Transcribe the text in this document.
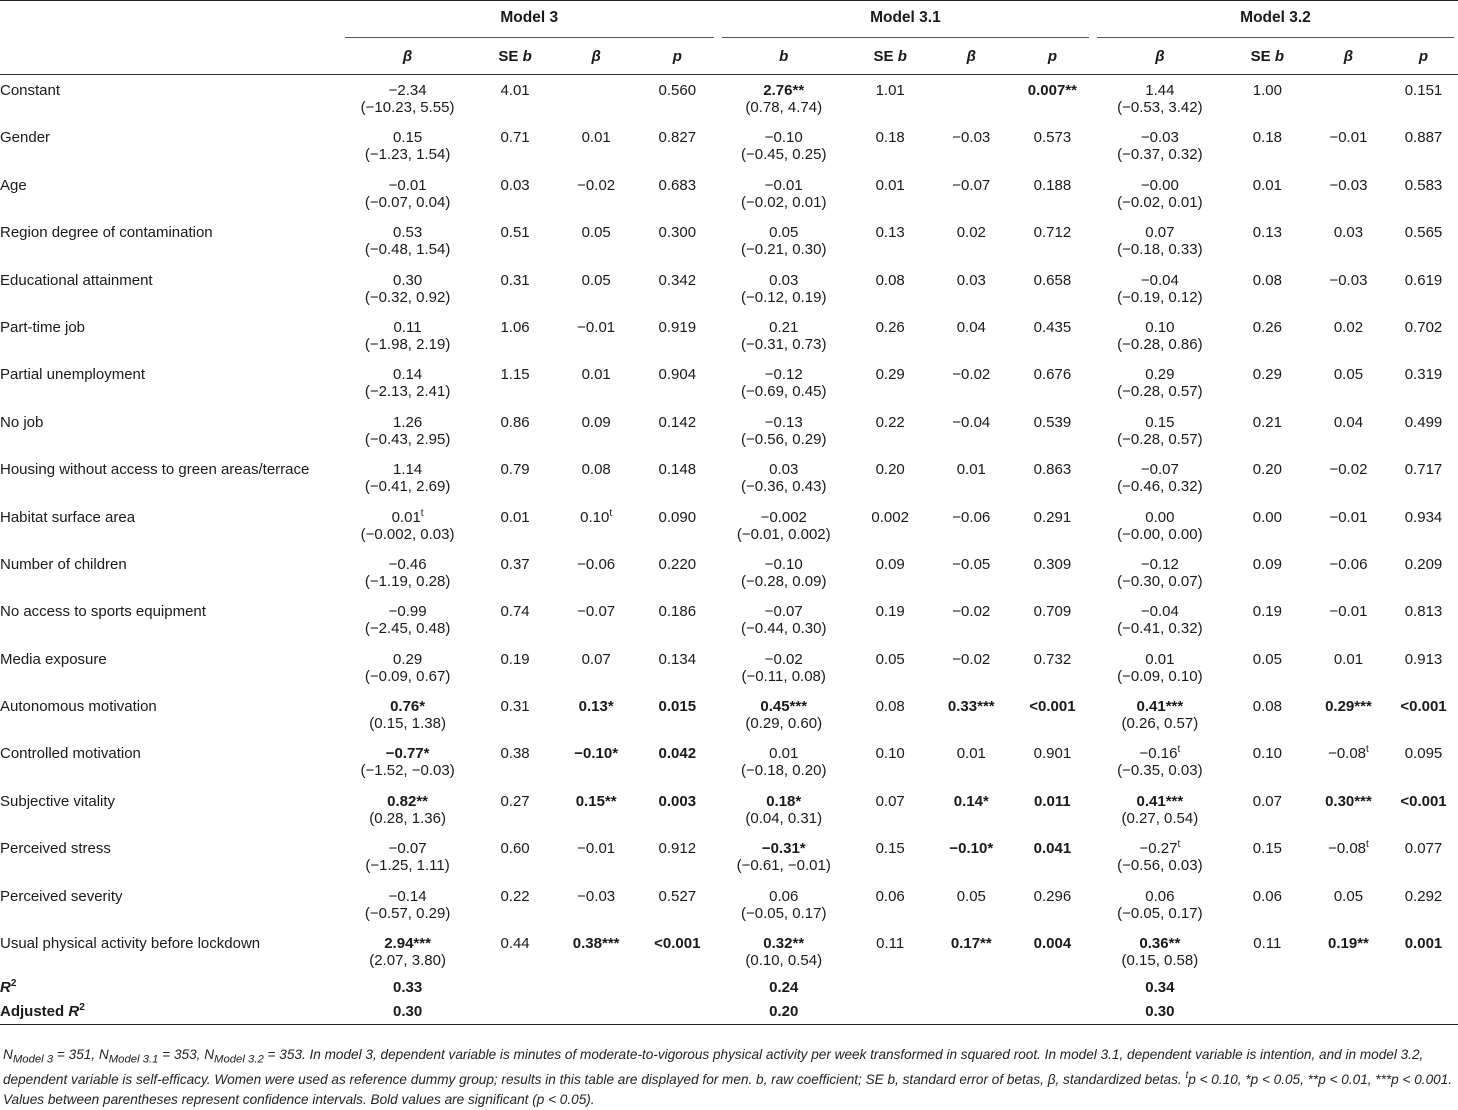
	Model 3				Model 3.1				Model 3.2			

	β	SE b	β	p	b	SE b	β	p	β	SE b	β	p
Constant	−2.34	4.01		0.560	2.76**	1.01		0.007**	1.44	1.00		0.151
	(−10.23, 5.55)				(0.78, 4.74)				(−0.53, 3.42)			
Gender	0.15	0.71	0.01	0.827	−0.10	0.18	−0.03	0.573	−0.03	0.18	−0.01	0.887
	(−1.23, 1.54)				(−0.45, 0.25)				(−0.37, 0.32)			
Age	−0.01	0.03	−0.02	0.683	−0.01	0.01	−0.07	0.188	−0.00	0.01	−0.03	0.583
	(−0.07, 0.04)				(−0.02, 0.01)				(−0.02, 0.01)			
Region degree of contamination	0.53	0.51	0.05	0.300	0.05	0.13	0.02	0.712	0.07	0.13	0.03	0.565
	(−0.48, 1.54)				(−0.21, 0.30)				(−0.18, 0.33)			
Educational attainment	0.30	0.31	0.05	0.342	0.03	0.08	0.03	0.658	−0.04	0.08	−0.03	0.619
	(−0.32, 0.92)				(−0.12, 0.19)				(−0.19, 0.12)			
Part-time job	0.11	1.06	−0.01	0.919	0.21	0.26	0.04	0.435	0.10	0.26	0.02	0.702
	(−1.98, 2.19)				(−0.31, 0.73)				(−0.28, 0.86)			
Partial unemployment	0.14	1.15	0.01	0.904	−0.12	0.29	−0.02	0.676	0.29	0.29	0.05	0.319
	(−2.13, 2.41)				(−0.69, 0.45)				(−0.28, 0.57)			
No job	1.26	0.86	0.09	0.142	−0.13	0.22	−0.04	0.539	0.15	0.21	0.04	0.499
	(−0.43, 2.95)				(−0.56, 0.29)				(−0.28, 0.57)			
Housing without access to green areas/terrace	1.14	0.79	0.08	0.148	0.03	0.20	0.01	0.863	−0.07	0.20	−0.02	0.717
	(−0.41, 2.69)				(−0.36, 0.43)				(−0.46, 0.32)			
Habitat surface area	0.01$^t$	0.01	0.10$^t$	0.090	−0.002	0.002	−0.06	0.291	0.00	0.00	−0.01	0.934
	(−0.002, 0.03)				(−0.01, 0.002)				(−0.00, 0.00)			
Number of children	−0.46	0.37	−0.06	0.220	−0.10	0.09	−0.05	0.309	−0.12	0.09	−0.06	0.209
	(−1.19, 0.28)				(−0.28, 0.09)				(−0.30, 0.07)			
No access to sports equipment	−0.99	0.74	−0.07	0.186	−0.07	0.19	−0.02	0.709	−0.04	0.19	−0.01	0.813
	(−2.45, 0.48)				(−0.44, 0.30)				(−0.41, 0.32)			
Media exposure	0.29	0.19	0.07	0.134	−0.02	0.05	−0.02	0.732	0.01	0.05	0.01	0.913
	(−0.09, 0.67)				(−0.11, 0.08)				(−0.09, 0.10)			
Autonomous motivation	0.76*	0.31	0.13*	0.015	0.45***	0.08	0.33***	<0.001	0.41***	0.08	0.29***	<0.001
	(0.15, 1.38)				(0.29, 0.60)				(0.26, 0.57)			
Controlled motivation	−0.77*	0.38	−0.10*	0.042	0.01	0.10	0.01	0.901	$-0.16^t$	0.10	$-0.08^t$	0.095
	(−1.52, −0.03)				(−0.18, 0.20)				(−0.35, 0.03)			
Subjective vitality	0.82**	0.27	0.15**	0.003	0.18*	0.07	0.14*	0.011	0.41***	0.07	0.30***	<0.001
	(0.28, 1.36)				(0.04, 0.31)				(0.27, 0.54)			
Perceived stress	−0.07	0.60	−0.01	0.912	−0.31*	0.15	−0.10*	0.041	$-0.27^t$	0.15	$-0.08^t$	0.077
	(−1.25, 1.11)				(−0.61, −0.01)				(−0.56, 0.03)			
Perceived severity	−0.14	0.22	−0.03	0.527	0.06	0.06	0.05	0.296	0.06	0.06	0.05	0.292
	(−0.57, 0.29)				(−0.05, 0.17)				(−0.05, 0.17)			
Usual physical activity before lockdown	2.94***	0.44	0.38***	<0.001	0.32**	0.11	0.17**	0.004	0.36**	0.11	0.19**	0.001
	(2.07, 3.80)				(0.10, 0.54)				(0.15, 0.58)			
$R^2$	0.33				0.24				0.34			
Adjusted $R^2$	0.30				0.20				0.30			
$N_{Model 3} = 351$, $N_{Model 3.1} = 353$, $N_{Model 3.2} = 353$. In model 3, dependent variable is minutes of moderate-to-vigorous physical activity per week transformed in squared root. In model 3.1, dependent variable is intention, and in model 3.2, dependent variable is self-efficacy. Women were used as reference dummy group; results in this table are displayed for men. b, raw coefficient; SE b, standard error of betas, β, standardized betas. $^t$p < 0.10, *p < 0.05, **p < 0.01, ***p < 0.001. Values between parentheses represent confidence intervals. Bold values are significant (p < 0.05).
